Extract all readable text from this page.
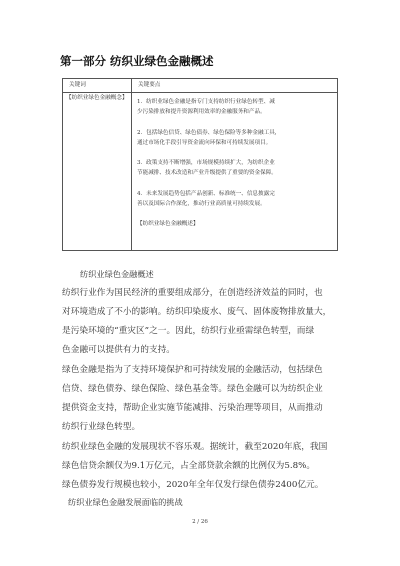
第一部分 纺织业绿色金融概述
关键词	关键要点
【纺织业绿色金融概念】
1．纺织业绿色金融是指专门支持纺织行业绿色转型、减
少污染排放和提升资源利用效率的金融服务和产品。

2．包括绿色信贷、绿色债券、绿色保险等多种金融工具，
通过市场化手段引导资金流向环保和可持续发展项目。

3．政策支持不断增强，市场规模持续扩大，为纺织企业
节能减排、技术改造和产业升级提供了重要的资金保障。

4．未来发展趋势包括产品创新、标准统一、信息披露完
善以及国际合作深化，推动行业高质量可持续发展。

【纺织业绿色金融概述】
纺织业绿色金融概述
纺织行业作为国民经济的重要组成部分，在创造经济效益的同时，也
对环境造成了不小的影响。纺织印染废水、废气、固体废物排放量大，
是污染环境的“重灾区”之一。因此，纺织行业亟需绿色转型，而绿
色金融可以提供有力的支持。
绿色金融是指为了支持环境保护和可持续发展的金融活动，包括绿色
信贷、绿色债券、绿色保险、绿色基金等。绿色金融可以为纺织企业
提供资金支持，帮助企业实施节能减排、污染治理等项目，从而推动
纺织行业绿色转型。
纺织业绿色金融的发展现状不容乐观。据统计，截至2020年底，我国
绿色信贷余额仅为9.1万亿元，占全部贷款余额的比例仅为5.8%。
绿色债券发行规模也较小，2020年全年仅发行绿色债券2400亿元。
纺织业绿色金融发展面临的挑战
2 / 26
